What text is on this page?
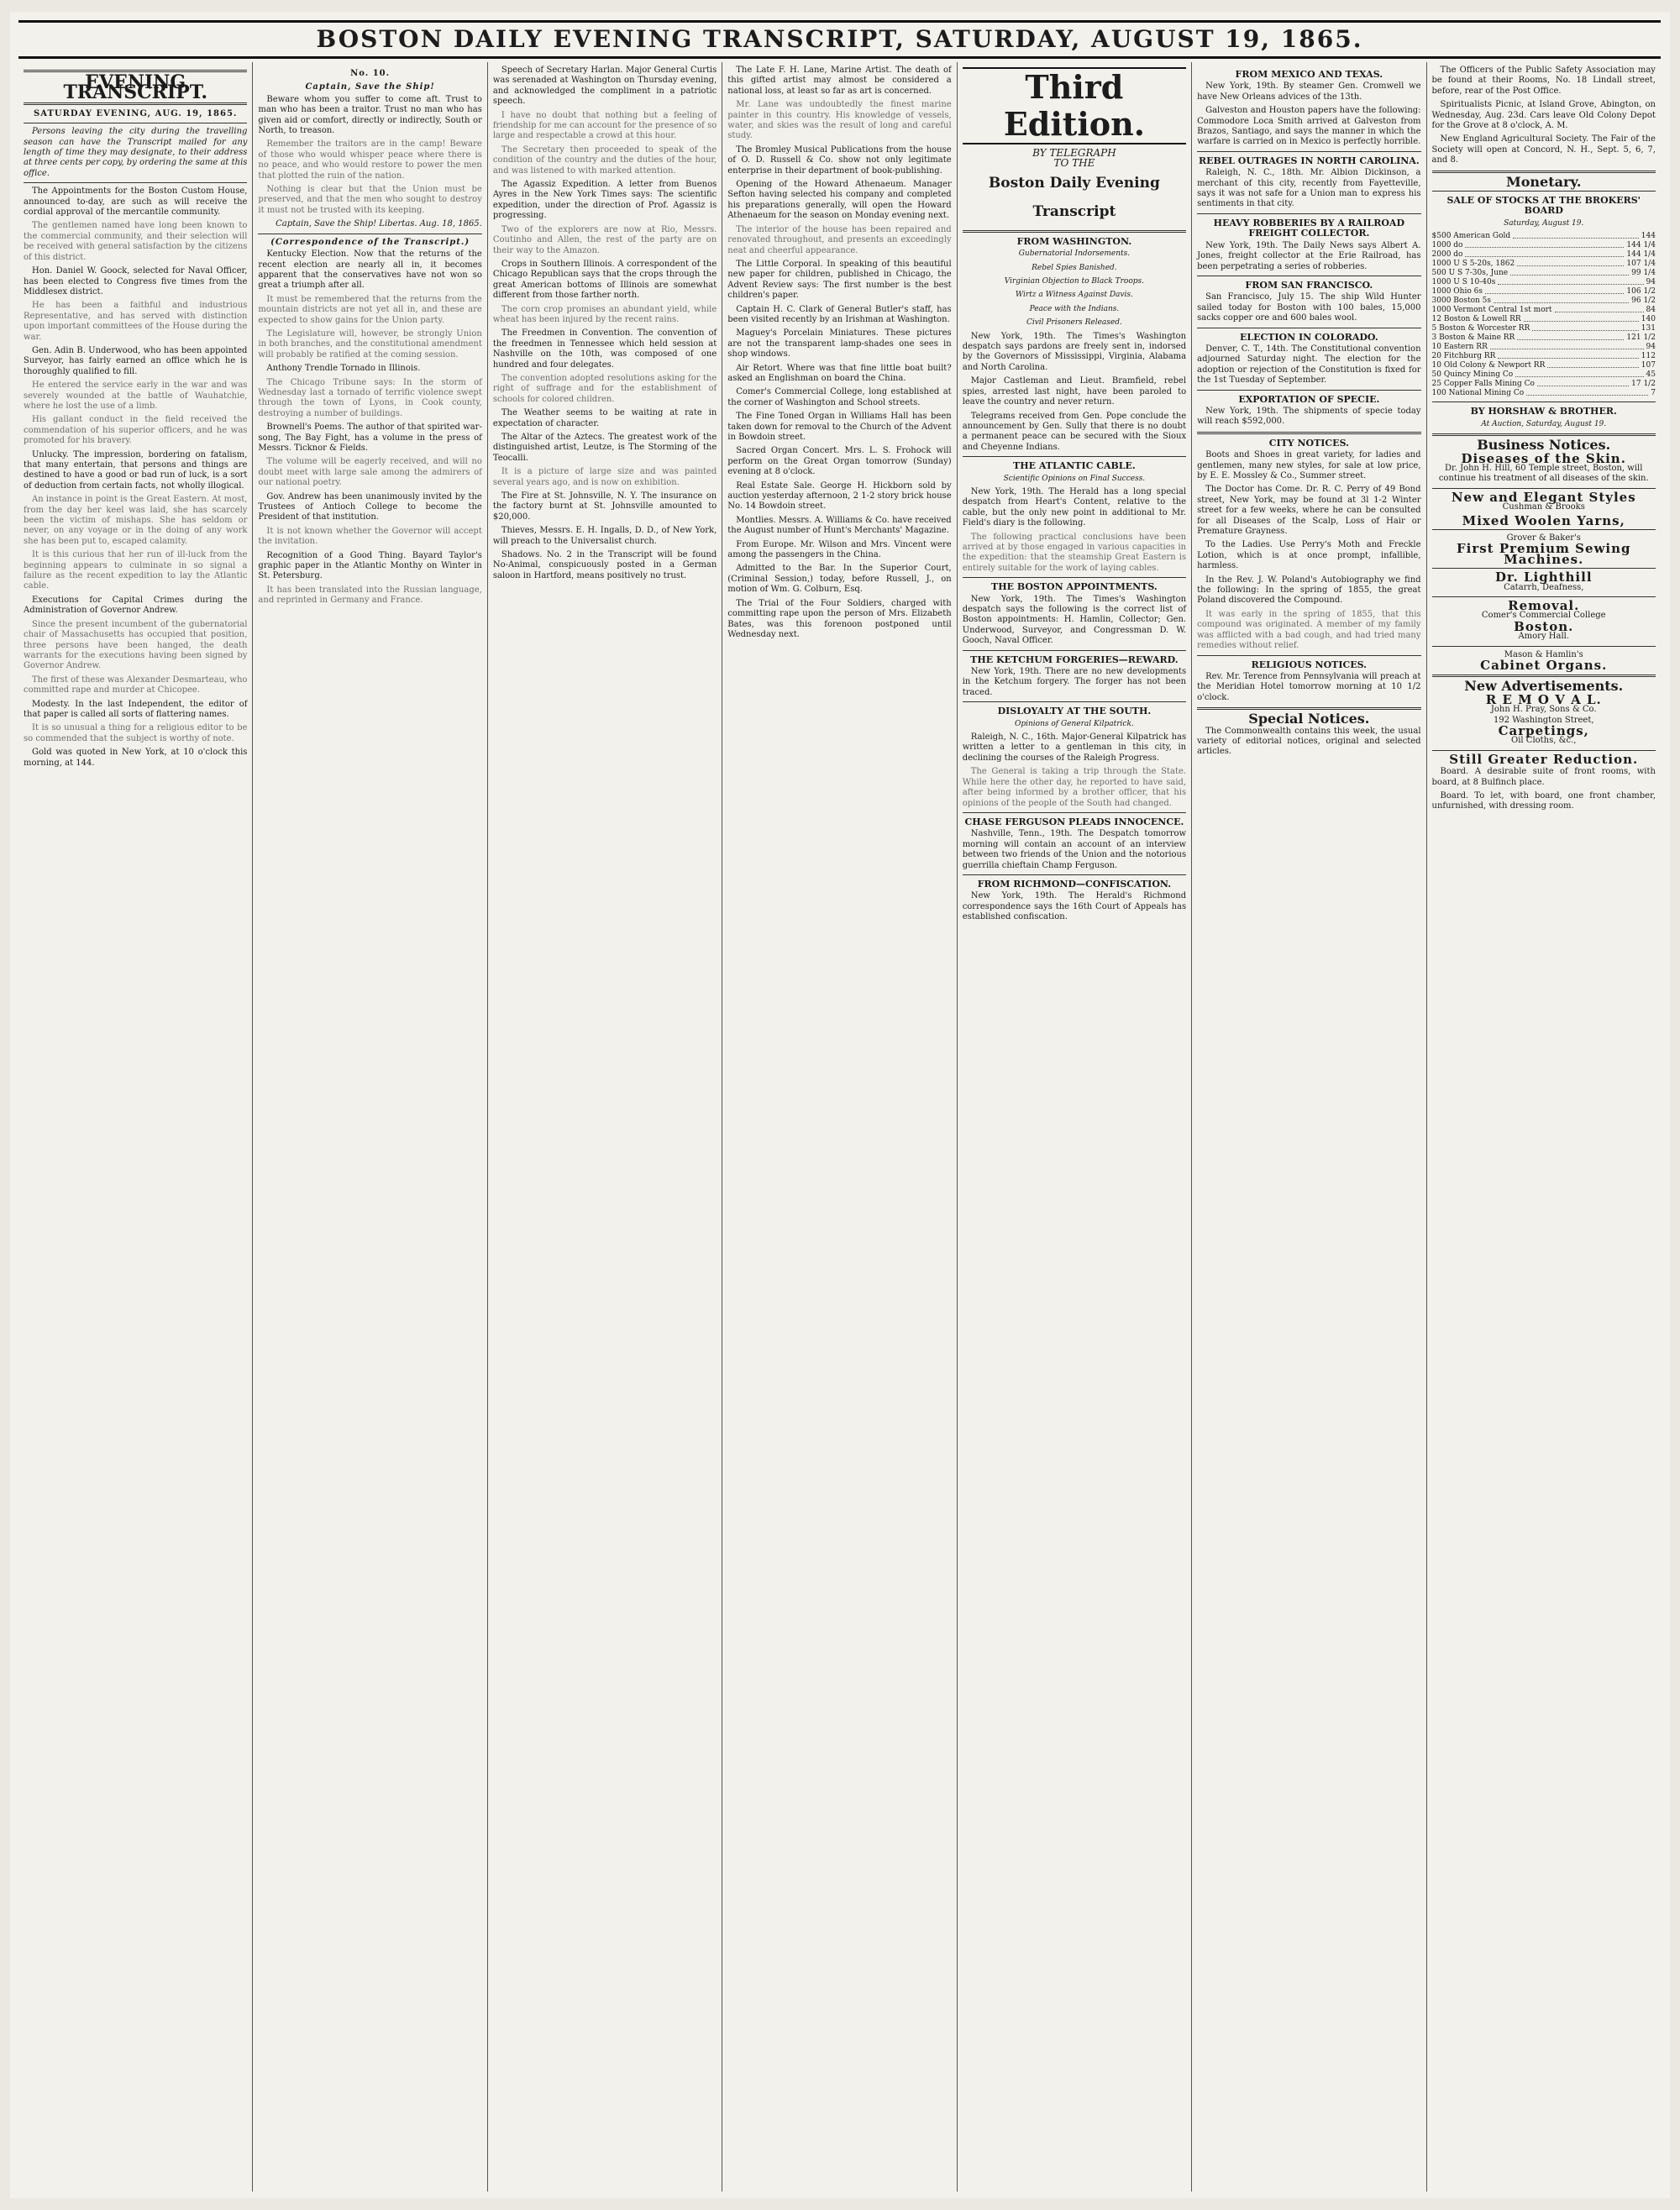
BOSTON DAILY EVENING TRANSCRIPT, SATURDAY, AUGUST 19, 1865.
EVENING TRANSCRIPT.
SATURDAY EVENING, AUG. 19, 1865.

Persons leaving the city during the travelling season can have the Transcript mailed for any length of time they may designate, to their address at three cents per copy, by ordering the same at this office.

The Appointments for the Boston Custom House, announced to-day, are such as will receive the cordial approval of the mercantile community.

The gentlemen named have long been known to the commercial community, and their selection will be received with general satisfaction by the citizens of this district.

Hon. Daniel W. Goock, selected for Naval Officer, has been elected to Congress five times from the Middlesex district.

He has been a faithful and industrious Representative, and has served with distinction upon important committees of the House during the war.

Gen. Adin B. Underwood, who has been appointed Surveyor, has fairly earned an office which he is thoroughly qualified to fill.

He entered the service early in the war and was severely wounded at the battle of Wauhatchie, where he lost the use of a limb.

His gallant conduct in the field received the commendation of his superior officers, and he was promoted for his bravery.

Unlucky. The impression, bordering on fatalism, that many entertain, that persons and things are destined to have a good or bad run of luck, is a sort of deduction from certain facts, not wholly illogical.

An instance in point is the Great Eastern. At most, from the day her keel was laid, she has scarcely been the victim of mishaps. She has seldom or never, on any voyage or in the doing of any work she has been put to, escaped calamity.

It is this curious that her run of ill-luck from the beginning appears to culminate in so signal a failure as the recent expedition to lay the Atlantic cable.

Executions for Capital Crimes during the Administration of Governor Andrew.

Since the present incumbent of the gubernatorial chair of Massachusetts has occupied that position, three persons have been hanged, the death warrants for the executions having been signed by Governor Andrew.

The first of these was Alexander Desmarteau, who committed rape and murder at Chicopee.

Modesty. In the last Independent, the editor of that paper is called all sorts of flattering names.

It is so unusual a thing for a religious editor to be so commended that the subject is worthy of note.

Gold was quoted in New York, at 10 o'clock this morning, at 144.

No. 10.
Captain, Save the Ship!

Beware whom you suffer to come aft. Trust to man who has been a traitor. Trust no man who has given aid or comfort, directly or indirectly, South or North, to treason.

Remember the traitors are in the camp! Beware of those who would whisper peace where there is no peace, and who would restore to power the men that plotted the ruin of the nation.

Nothing is clear but that the Union must be preserved, and that the men who sought to destroy it must not be trusted with its keeping.

Captain, Save the Ship! Libertas. Aug. 18, 1865.

(Correspondence of the Transcript.)

Kentucky Election. Now that the returns of the recent election are nearly all in, it becomes apparent that the conservatives have not won so great a triumph after all.

It must be remembered that the returns from the mountain districts are not yet all in, and these are expected to show gains for the Union party.

The Legislature will, however, be strongly Union in both branches, and the constitutional amendment will probably be ratified at the coming session.

Anthony Trendle Tornado in Illinois.

The Chicago Tribune says: In the storm of Wednesday last a tornado of terrific violence swept through the town of Lyons, in Cook county, destroying a number of buildings.

Brownell's Poems. The author of that spirited war-song, The Bay Fight, has a volume in the press of Messrs. Ticknor & Fields.

The volume will be eagerly received, and will no doubt meet with large sale among the admirers of our national poetry.

Gov. Andrew has been unanimously invited by the Trustees of Antioch College to become the President of that institution.

It is not known whether the Governor will accept the invitation.

Recognition of a Good Thing. Bayard Taylor's graphic paper in the Atlantic Monthy on Winter in St. Petersburg.

It has been translated into the Russian language, and reprinted in Germany and France.

Speech of Secretary Harlan. Major General Curtis was serenaded at Washington on Thursday evening, and acknowledged the compliment in a patriotic speech.

I have no doubt that nothing but a feeling of friendship for me can account for the presence of so large and respectable a crowd at this hour.

The Secretary then proceeded to speak of the condition of the country and the duties of the hour, and was listened to with marked attention.

The Agassiz Expedition. A letter from Buenos Ayres in the New York Times says: The scientific expedition, under the direction of Prof. Agassiz is progressing.

Two of the explorers are now at Rio, Messrs. Coutinho and Allen, the rest of the party are on their way to the Amazon.

Crops in Southern Illinois. A correspondent of the Chicago Republican says that the crops through the great American bottoms of Illinois are somewhat different from those farther north.

The corn crop promises an abundant yield, while wheat has been injured by the recent rains.

The Freedmen in Convention. The convention of the freedmen in Tennessee which held session at Nashville on the 10th, was composed of one hundred and four delegates.

The convention adopted resolutions asking for the right of suffrage and for the establishment of schools for colored children.

The Weather seems to be waiting at rate in expectation of character.

The Altar of the Aztecs. The greatest work of the distinguished artist, Leutze, is The Storming of the Teocalli.

It is a picture of large size and was painted several years ago, and is now on exhibition.

The Fire at St. Johnsville, N. Y. The insurance on the factory burnt at St. Johnsville amounted to $20,000.

Thieves, Messrs. E. H. Ingalls, D. D., of New York, will preach to the Universalist church.

Shadows. No. 2 in the Transcript will be found No-Animal, conspicuously posted in a German saloon in Hartford, means positively no trust.

The Late F. H. Lane, Marine Artist. The death of this gifted artist may almost be considered a national loss, at least so far as art is concerned.

Mr. Lane was undoubtedly the finest marine painter in this country. His knowledge of vessels, water, and skies was the result of long and careful study.

The Bromley Musical Publications from the house of O. D. Russell & Co. show not only legitimate enterprise in their department of book-publishing.

Opening of the Howard Athenaeum. Manager Sefton having selected his company and completed his preparations generally, will open the Howard Athenaeum for the season on Monday evening next.

The interior of the house has been repaired and renovated throughout, and presents an exceedingly neat and cheerful appearance.

The Little Corporal. In speaking of this beautiful new paper for children, published in Chicago, the Advent Review says: The first number is the best children's paper.

Captain H. C. Clark of General Butler's staff, has been visited recently by an Irishman at Washington.

Maguey's Porcelain Miniatures. These pictures are not the transparent lamp-shades one sees in shop windows.

Air Retort. Where was that fine little boat built? asked an Englishman on board the China.

Comer's Commercial College, long established at the corner of Washington and School streets.

The Fine Toned Organ in Williams Hall has been taken down for removal to the Church of the Advent in Bowdoin street.

Sacred Organ Concert. Mrs. L. S. Frohock will perform on the Great Organ tomorrow (Sunday) evening at 8 o'clock.

Real Estate Sale. George H. Hickborn sold by auction yesterday afternoon, 2 1-2 story brick house No. 14 Bowdoin street.

Montlies. Messrs. A. Williams & Co. have received the August number of Hunt's Merchants' Magazine.

From Europe. Mr. Wilson and Mrs. Vincent were among the passengers in the China.

Admitted to the Bar. In the Superior Court, (Criminal Session,) today, before Russell, J., on motion of Wm. G. Colburn, Esq.

The Trial of the Four Soldiers, charged with committing rape upon the person of Mrs. Elizabeth Bates, was this forenoon postponed until Wednesday next.

Third Edition.
BY TELEGRAPH
TO THE
Boston Daily Evening Transcript
FROM WASHINGTON.
Gubernatorial Indorsements.
Rebel Spies Banished.
Virginian Objection to Black Troops.
Wirtz a Witness Against Davis.
Peace with the Indians.
Civil Prisoners Released.

New York, 19th. The Times's Washington despatch says pardons are freely sent in, indorsed by the Governors of Mississippi, Virginia, Alabama and North Carolina.

Major Castleman and Lieut. Bramfield, rebel spies, arrested last night, have been paroled to leave the country and never return.

Telegrams received from Gen. Pope conclude the announcement by Gen. Sully that there is no doubt a permanent peace can be secured with the Sioux and Cheyenne Indians.

THE ATLANTIC CABLE.
Scientific Opinions on Final Success.

New York, 19th. The Herald has a long special despatch from Heart's Content, relative to the cable, but the only new point in additional to Mr. Field's diary is the following.

The following practical conclusions have been arrived at by those engaged in various capacities in the expedition: that the steamship Great Eastern is entirely suitable for the work of laying cables.

THE BOSTON APPOINTMENTS.

New York, 19th. The Times's Washington despatch says the following is the correct list of Boston appointments: H. Hamlin, Collector; Gen. Underwood, Surveyor, and Congressman D. W. Gooch, Naval Officer.

THE KETCHUM FORGERIES—REWARD.

New York, 19th. There are no new developments in the Ketchum forgery. The forger has not been traced.

DISLOYALTY AT THE SOUTH.
Opinions of General Kilpatrick.

Raleigh, N. C., 16th. Major-General Kilpatrick has written a letter to a gentleman in this city, in declining the courses of the Raleigh Progress.

The General is taking a trip through the State. While here the other day, he reported to have said, after being informed by a brother officer, that his opinions of the people of the South had changed.

CHASE FERGUSON PLEADS INNOCENCE.

Nashville, Tenn., 19th. The Despatch tomorrow morning will contain an account of an interview between two friends of the Union and the notorious guerrilla chieftain Champ Ferguson.

FROM RICHMOND—CONFISCATION.

New York, 19th. The Herald's Richmond correspondence says the 16th Court of Appeals has established confiscation.

FROM MEXICO AND TEXAS.

New York, 19th. By steamer Gen. Cromwell we have New Orleans advices of the 13th.

Galveston and Houston papers have the following: Commodore Loca Smith arrived at Galveston from Brazos, Santiago, and says the manner in which the warfare is carried on in Mexico is perfectly horrible.

REBEL OUTRAGES IN NORTH CAROLINA.

Raleigh, N. C., 18th. Mr. Albion Dickinson, a merchant of this city, recently from Fayetteville, says it was not safe for a Union man to express his sentiments in that city.

HEAVY ROBBERIES BY A RAILROAD FREIGHT COLLECTOR.

New York, 19th. The Daily News says Albert A. Jones, freight collector at the Erie Railroad, has been perpetrating a series of robberies.

FROM SAN FRANCISCO.

San Francisco, July 15. The ship Wild Hunter sailed today for Boston with 100 bales, 15,000 sacks copper ore and 600 bales wool.

ELECTION IN COLORADO.

Denver, C. T., 14th. The Constitutional convention adjourned Saturday night. The election for the adoption or rejection of the Constitution is fixed for the 1st Tuesday of September.

EXPORTATION OF SPECIE.

New York, 19th. The shipments of specie today will reach $592,000.

CITY NOTICES.

Boots and Shoes in great variety, for ladies and gentlemen, many new styles, for sale at low price, by E. E. Mossley & Co., Summer street.

The Doctor has Come. Dr. R. C. Perry of 49 Bond street, New York, may be found at 3l 1-2 Winter street for a few weeks, where he can be consulted for all Diseases of the Scalp, Loss of Hair or Premature Grayness.

To the Ladies. Use Perry's Moth and Freckle Lotion, which is at once prompt, infallible, harmless.

In the Rev. J. W. Poland's Autobiography we find the following: In the spring of 1855, the great Poland discovered the Compound.

It was early in the spring of 1855, that this compound was originated. A member of my family was afflicted with a bad cough, and had tried many remedies without relief.

RELIGIOUS NOTICES.

Rev. Mr. Terence from Pennsylvania will preach at the Meridian Hotel tomorrow morning at 10 1/2 o'clock.

Special Notices.

The Commonwealth contains this week, the usual variety of editorial notices, original and selected articles.

The Officers of the Public Safety Association may be found at their Rooms, No. 18 Lindall street, before, rear of the Post Office.

Spiritualists Picnic, at Island Grove, Abington, on Wednesday, Aug. 23d. Cars leave Old Colony Depot for the Grove at 8 o'clock, A. M.

New England Agricultural Society. The Fair of the Society will open at Concord, N. H., Sept. 5, 6, 7, and 8.

Monetary.
SALE OF STOCKS AT THE BROKERS' BOARD
Saturday, August 19.
$500 American Gold	144
1000 do	144 1/4
2000 do	144 1/4
1000 U S 5-20s, 1862	107 1/4
500 U S 7-30s, June	99 1/4
1000 U S 10-40s	94
1000 Ohio 6s	106 1/2
3000 Boston 5s	96 1/2
1000 Vermont Central 1st mort	84
12 Boston & Lowell RR	140
5 Boston & Worcester RR	131
3 Boston & Maine RR	121 1/2
10 Eastern RR	94
20 Fitchburg RR	112
10 Old Colony & Newport RR	107
50 Quincy Mining Co	45
25 Copper Falls Mining Co	17 1/2
100 National Mining Co	7
BY HORSHAW & BROTHER.
At Auction, Saturday, August 19.
Business Notices.
Diseases of the Skin.
Dr. John H. Hill, 60 Temple street, Boston, will continue his treatment of all diseases of the skin.
New and Elegant Styles
Cushman & Brooks
Mixed Woolen Yarns,
Grover & Baker's
First Premium Sewing Machines.
Dr. Lighthill
Catarrh, Deafness,
Removal.
Comer's Commercial College
Boston.
Amory Hall.
Mason & Hamlin's
Cabinet Organs.
New Advertisements.
R E M O V A L.
John H. Pray, Sons & Co.
192 Washington Street,
Carpetings,
Oil Cloths, &c.,
Still Greater Reduction.

Board. A desirable suite of front rooms, with board, at 8 Bulfinch place.

Board. To let, with board, one front chamber, unfurnished, with dressing room.
